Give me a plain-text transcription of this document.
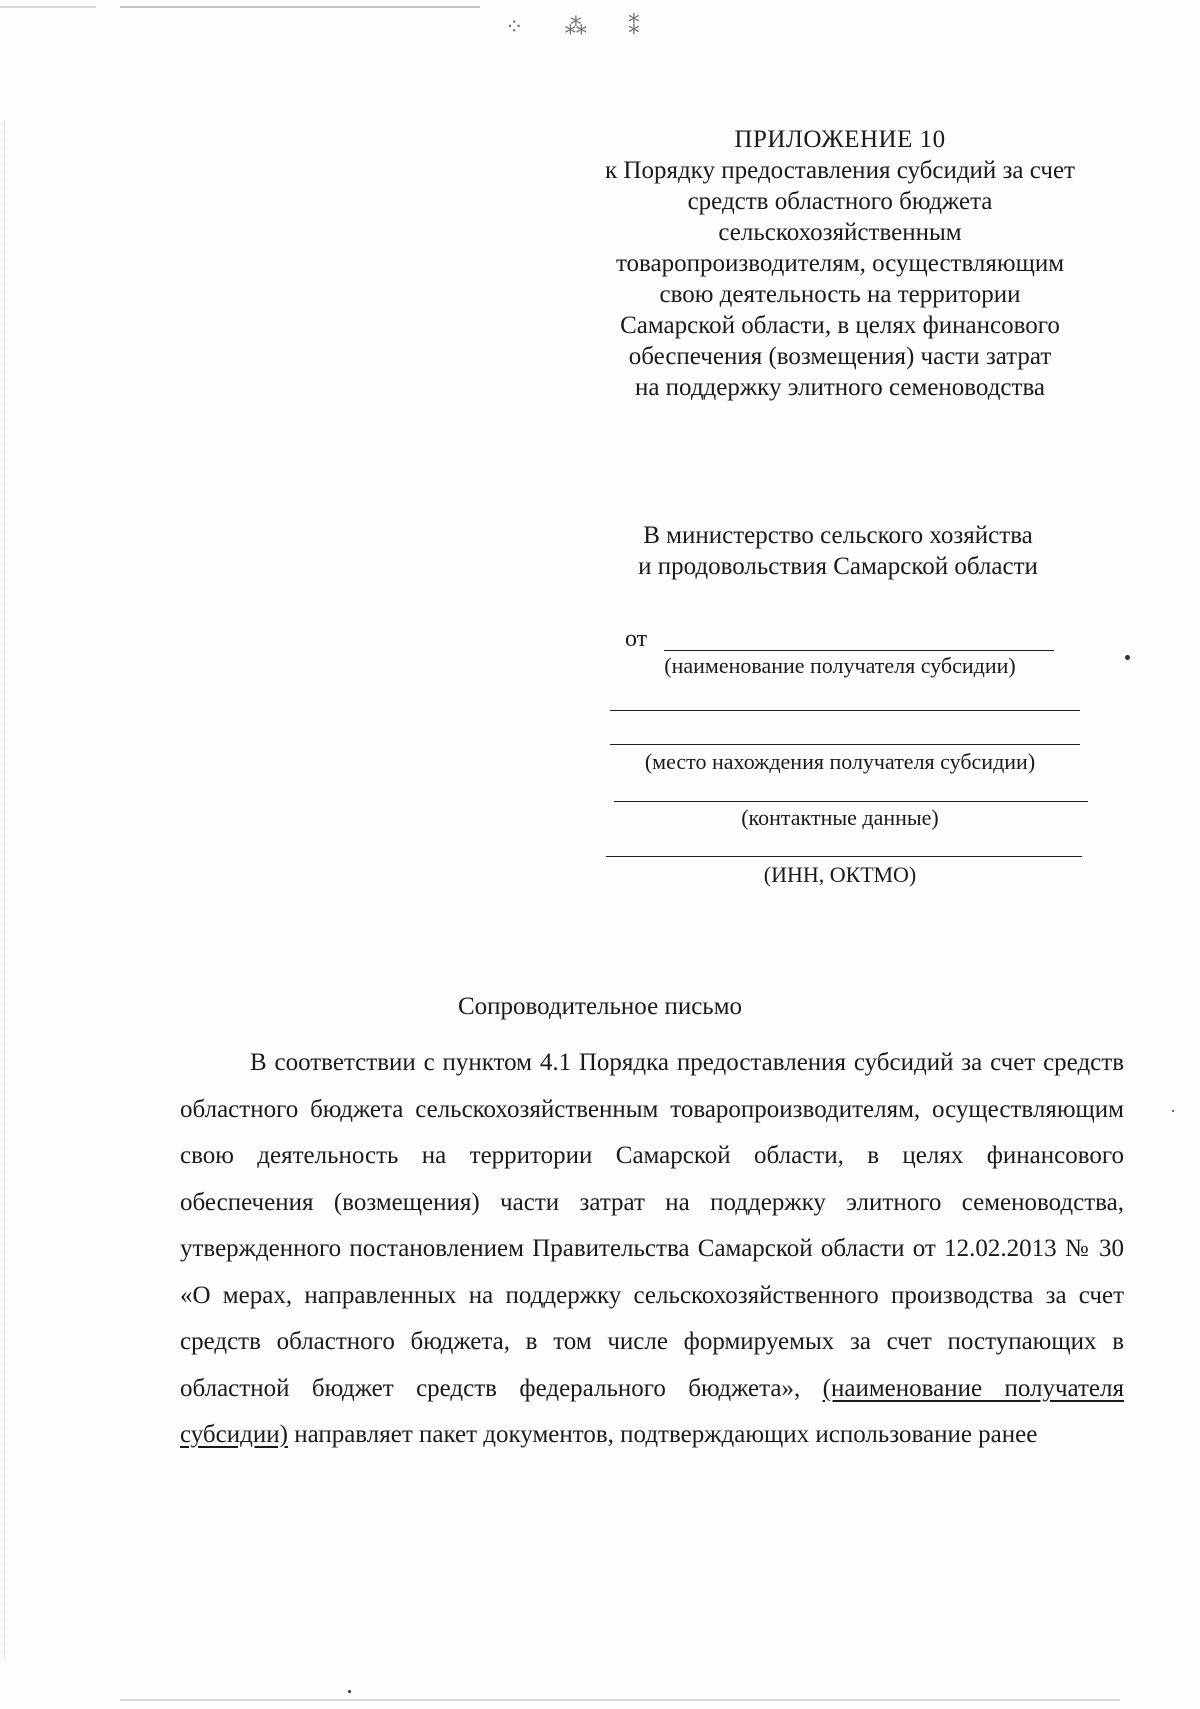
⁘ ⁂ ⁑
ПРИЛОЖЕНИЕ 10
к Порядку предоставления субсидий за счет
средств областного бюджета
сельскохозяйственным
товаропроизводителям, осуществляющим
свою деятельность на территории
Самарской области, в целях финансового
обеспечения (возмещения) части затрат
на поддержку элитного семеноводства
В министерство сельского хозяйства
и продовольствия Самарской области
от
(наименование получателя субсидии)
(место нахождения получателя субсидии)
(контактные данные)
(ИНН, ОКТМО)
Сопроводительное письмо
В соответствии с пунктом 4.1 Порядка предоставления субсидий за счет средств областного бюджета сельскохозяйственным товаропроизводителям, осуществляющим свою деятельность на территории Самарской области, в целях финансового обеспечения (возмещения) части затрат на поддержку элитного семеноводства, утвержденного постановлением Правительства Самарской области от 12.02.2013 № 30 «О мерах, направленных на поддержку сельскохозяйственного производства за счет средств областного бюджета, в том числе формируемых за счет поступающих в областной бюджет средств федерального бюджета», (наименование получателя субсидии) направляет пакет документов, подтверждающих использование ранее
